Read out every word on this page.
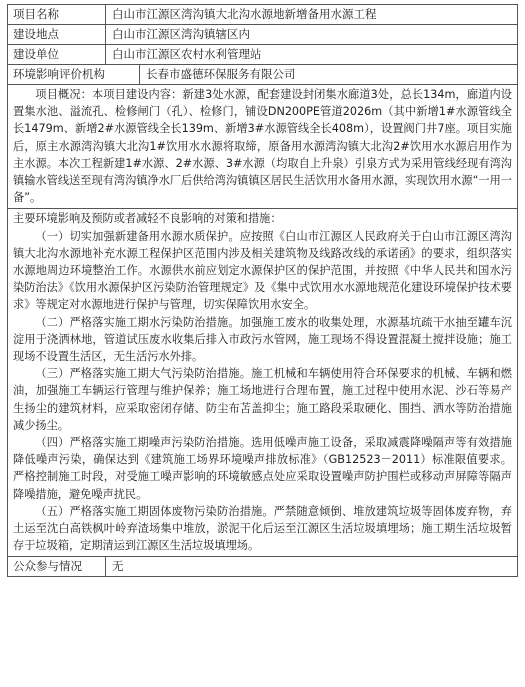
项目名称	白山市江源区湾沟镇大北沟水源地新增备用水源工程
建设地点	白山市江源区湾沟镇辖区内
建设单位	白山市江源区农村水利管理站
环境影响评价机构	长春市盛德环保服务有限公司

项目概况：本项目建设内容：新建3处水源，配套建设封闭集水廊道3处，总长134m，廊道内设置集水池、溢流孔、检修闸门（孔）、检修门，铺设DN200PE管道2026m（其中新增1#水源管线全长1479m、新增2#水源管线全长139m、新增3#水源管线全长408m），设置阀门井7座。项目实施后，原主水源湾沟镇大北沟1#饮用水水源将取缔，原备用水源湾沟镇大北沟2#饮用水水源启用作为主水源。本次工程新建1#水源、2#水源、3#水源（均取自上升泉）引泉方式为采用管线经现有湾沟镇输水管线送至现有湾沟镇净水厂后供给湾沟镇镇区居民生活饮用水备用水源，实现饮用水源“一用一备”。

主要环境影响及预防或者减轻不良影响的对策和措施：

（一）切实加强新建备用水源水质保护。应按照《白山市江源区人民政府关于白山市江源区湾沟镇大北沟水源地补充水源工程保护区范围内涉及相关建筑物及线路改线的承诺函》的要求，组织落实水源地周边环境整治工作。水源供水前应划定水源保护区的保护范围，并按照《中华人民共和国水污染防治法》《饮用水源保护区污染防治管理规定》及《集中式饮用水水源地规范化建设环境保护技术要求》等规定对水源地进行保护与管理，切实保障饮用水安全。

（二）严格落实施工期水污染防治措施。加强施工废水的收集处理，水源基坑疏干水抽至罐车沉淀用于浇洒林地，管道试压废水收集后排入市政污水管网，施工现场不得设置混凝土搅拌设施；施工现场不设置生活区，无生活污水外排。

（三）严格落实施工期大气污染防治措施。施工机械和车辆使用符合环保要求的机械、车辆和燃油，加强施工车辆运行管理与维护保养；施工场地进行合理布置，施工过程中使用水泥、沙石等易产生扬尘的建筑材料，应采取密闭存储、防尘布苫盖抑尘；施工路段采取硬化、围挡、洒水等防治措施减少扬尘。

（四）严格落实施工期噪声污染防治措施。选用低噪声施工设备，采取减震降噪隔声等有效措施降低噪声污染，确保达到《建筑施工场界环境噪声排放标准》（GB12523－2011）标准限值要求。严格控制施工时段，对受施工噪声影响的环境敏感点处应采取设置噪声防护围栏或移动声屏障等隔声降噪措施，避免噪声扰民。

（五）严格落实施工期固体废物污染防治措施。严禁随意倾倒、堆放建筑垃圾等固体废弃物，弃土运至沈白高铁枫叶岭弃渣场集中堆放，淤泥干化后运至江源区生活垃圾填埋场；施工期生活垃圾暂存于垃圾箱，定期清运到江源区生活垃圾填埋场。

公众参与情况	无
